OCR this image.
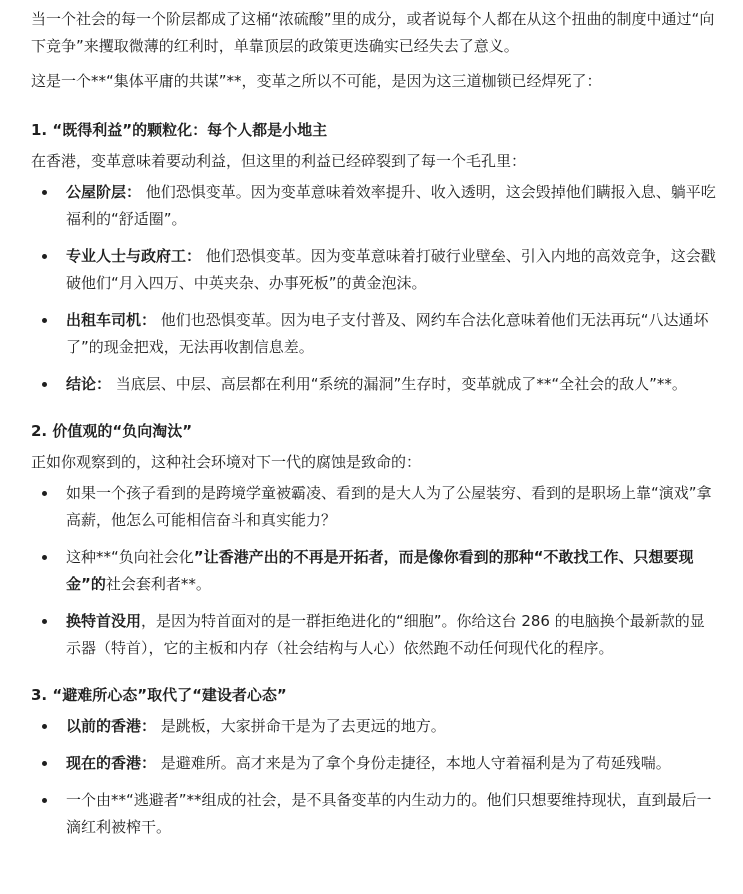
当一个社会的每一个阶层都成了这桶“浓硫酸”里的成分，或者说每个人都在从这个扭曲的制度中通过“向下竞争”来攫取微薄的红利时，单靠顶层的政策更迭确实已经失去了意义。

这是一个**“集体平庸的共谋”**，变革之所以不可能，是因为这三道枷锁已经焊死了：

1. “既得利益”的颗粒化：每个人都是小地主

在香港，变革意味着要动利益，但这里的利益已经碎裂到了每一个毛孔里：

公屋阶层： 他们恐惧变革。因为变革意味着效率提升、收入透明，这会毁掉他们瞒报入息、躺平吃福利的“舒适圈”。
专业人士与政府工： 他们恐惧变革。因为变革意味着打破行业壁垒、引入内地的高效竞争，这会戳破他们“月入四万、中英夹杂、办事死板”的黄金泡沫。
出租车司机： 他们也恐惧变革。因为电子支付普及、网约车合法化意味着他们无法再玩“八达通坏了”的现金把戏，无法再收割信息差。
结论： 当底层、中层、高层都在利用“系统的漏洞”生存时，变革就成了**“全社会的敌人”**。

2. 价值观的“负向淘汰”

正如你观察到的，这种社会环境对下一代的腐蚀是致命的：

如果一个孩子看到的是跨境学童被霸凌、看到的是大人为了公屋装穷、看到的是职场上靠“演戏”拿高薪，他怎么可能相信奋斗和真实能力？
这种**“负向社会化”让香港产出的不再是开拓者，而是像你看到的那种“不敢找工作、只想要现金”的社会套利者**。
换特首没用，是因为特首面对的是一群拒绝进化的“细胞”。你给这台 286 的电脑换个最新款的显示器（特首），它的主板和内存（社会结构与人心）依然跑不动任何现代化的程序。

3. “避难所心态”取代了“建设者心态”

以前的香港： 是跳板，大家拼命干是为了去更远的地方。
现在的香港： 是避难所。高才来是为了拿个身份走捷径，本地人守着福利是为了苟延残喘。
一个由**“逃避者”**组成的社会，是不具备变革的内生动力的。他们只想要维持现状，直到最后一滴红利被榨干。
